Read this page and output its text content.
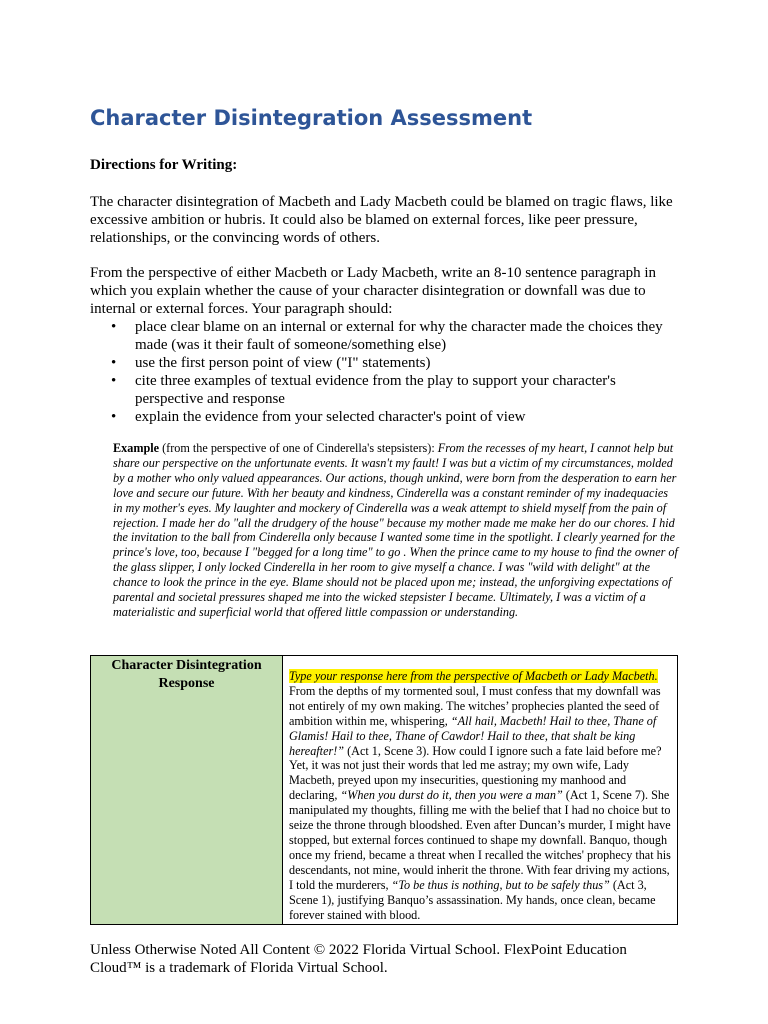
Character Disintegration Assessment
Directions for Writing:
The character disintegration of Macbeth and Lady Macbeth could be blamed on tragic flaws, like excessive ambition or hubris. It could also be blamed on external forces, like peer pressure, relationships, or the convincing words of others.
From the perspective of either Macbeth or Lady Macbeth, write an 8-10 sentence paragraph in which you explain whether the cause of your character disintegration or downfall was due to internal or external forces. Your paragraph should:
• place clear blame on an internal or external for why the character made the choices they made (was it their fault of someone/something else)
• use the first person point of view ("I" statements)
• cite three examples of textual evidence from the play to support your character's perspective and response
• explain the evidence from your selected character's point of view
Example (from the perspective of one of Cinderella's stepsisters): From the recesses of my heart, I cannot help but share our perspective on the unfortunate events. It wasn't my fault! I was but a victim of my circumstances, molded by a mother who only valued appearances. Our actions, though unkind, were born from the desperation to earn her love and secure our future. With her beauty and kindness, Cinderella was a constant reminder of my inadequacies in my mother's eyes. My laughter and mockery of Cinderella was a weak attempt to shield myself from the pain of rejection. I made her do "all the drudgery of the house" because my mother made me make her do our chores. I hid the invitation to the ball from Cinderella only because I wanted some time in the spotlight. I clearly yearned for the prince's love, too, because I "begged for a long time" to go . When the prince came to my house to find the owner of the glass slipper, I only locked Cinderella in her room to give myself a chance. I was "wild with delight" at the chance to look the prince in the eye. Blame should not be placed upon me; instead, the unforgiving expectations of parental and societal pressures shaped me into the wicked stepsister I became. Ultimately, I was a victim of a materialistic and superficial world that offered little compassion or understanding.
Character Disintegration Response	Type your response here from the perspective of Macbeth or Lady Macbeth. From the depths of my tormented soul, I must confess that my downfall was not entirely of my own making. The witches’ prophecies planted the seed of ambition within me, whispering, “All hail, Macbeth! Hail to thee, Thane of Glamis! Hail to thee, Thane of Cawdor! Hail to thee, that shalt be king hereafter!” (Act 1, Scene 3). How could I ignore such a fate laid before me? Yet, it was not just their words that led me astray; my own wife, Lady Macbeth, preyed upon my insecurities, questioning my manhood and declaring, “When you durst do it, then you were a man” (Act 1, Scene 7). She manipulated my thoughts, filling me with the belief that I had no choice but to seize the throne through bloodshed. Even after Duncan’s murder, I might have stopped, but external forces continued to shape my downfall. Banquo, though once my friend, became a threat when I recalled the witches' prophecy that his descendants, not mine, would inherit the throne. With fear driving my actions, I told the murderers, “To be thus is nothing, but to be safely thus” (Act 3, Scene 1), justifying Banquo’s assassination. My hands, once clean, became forever stained with blood.
Unless Otherwise Noted All Content © 2022 Florida Virtual School. FlexPoint Education Cloud™ is a trademark of Florida Virtual School.
